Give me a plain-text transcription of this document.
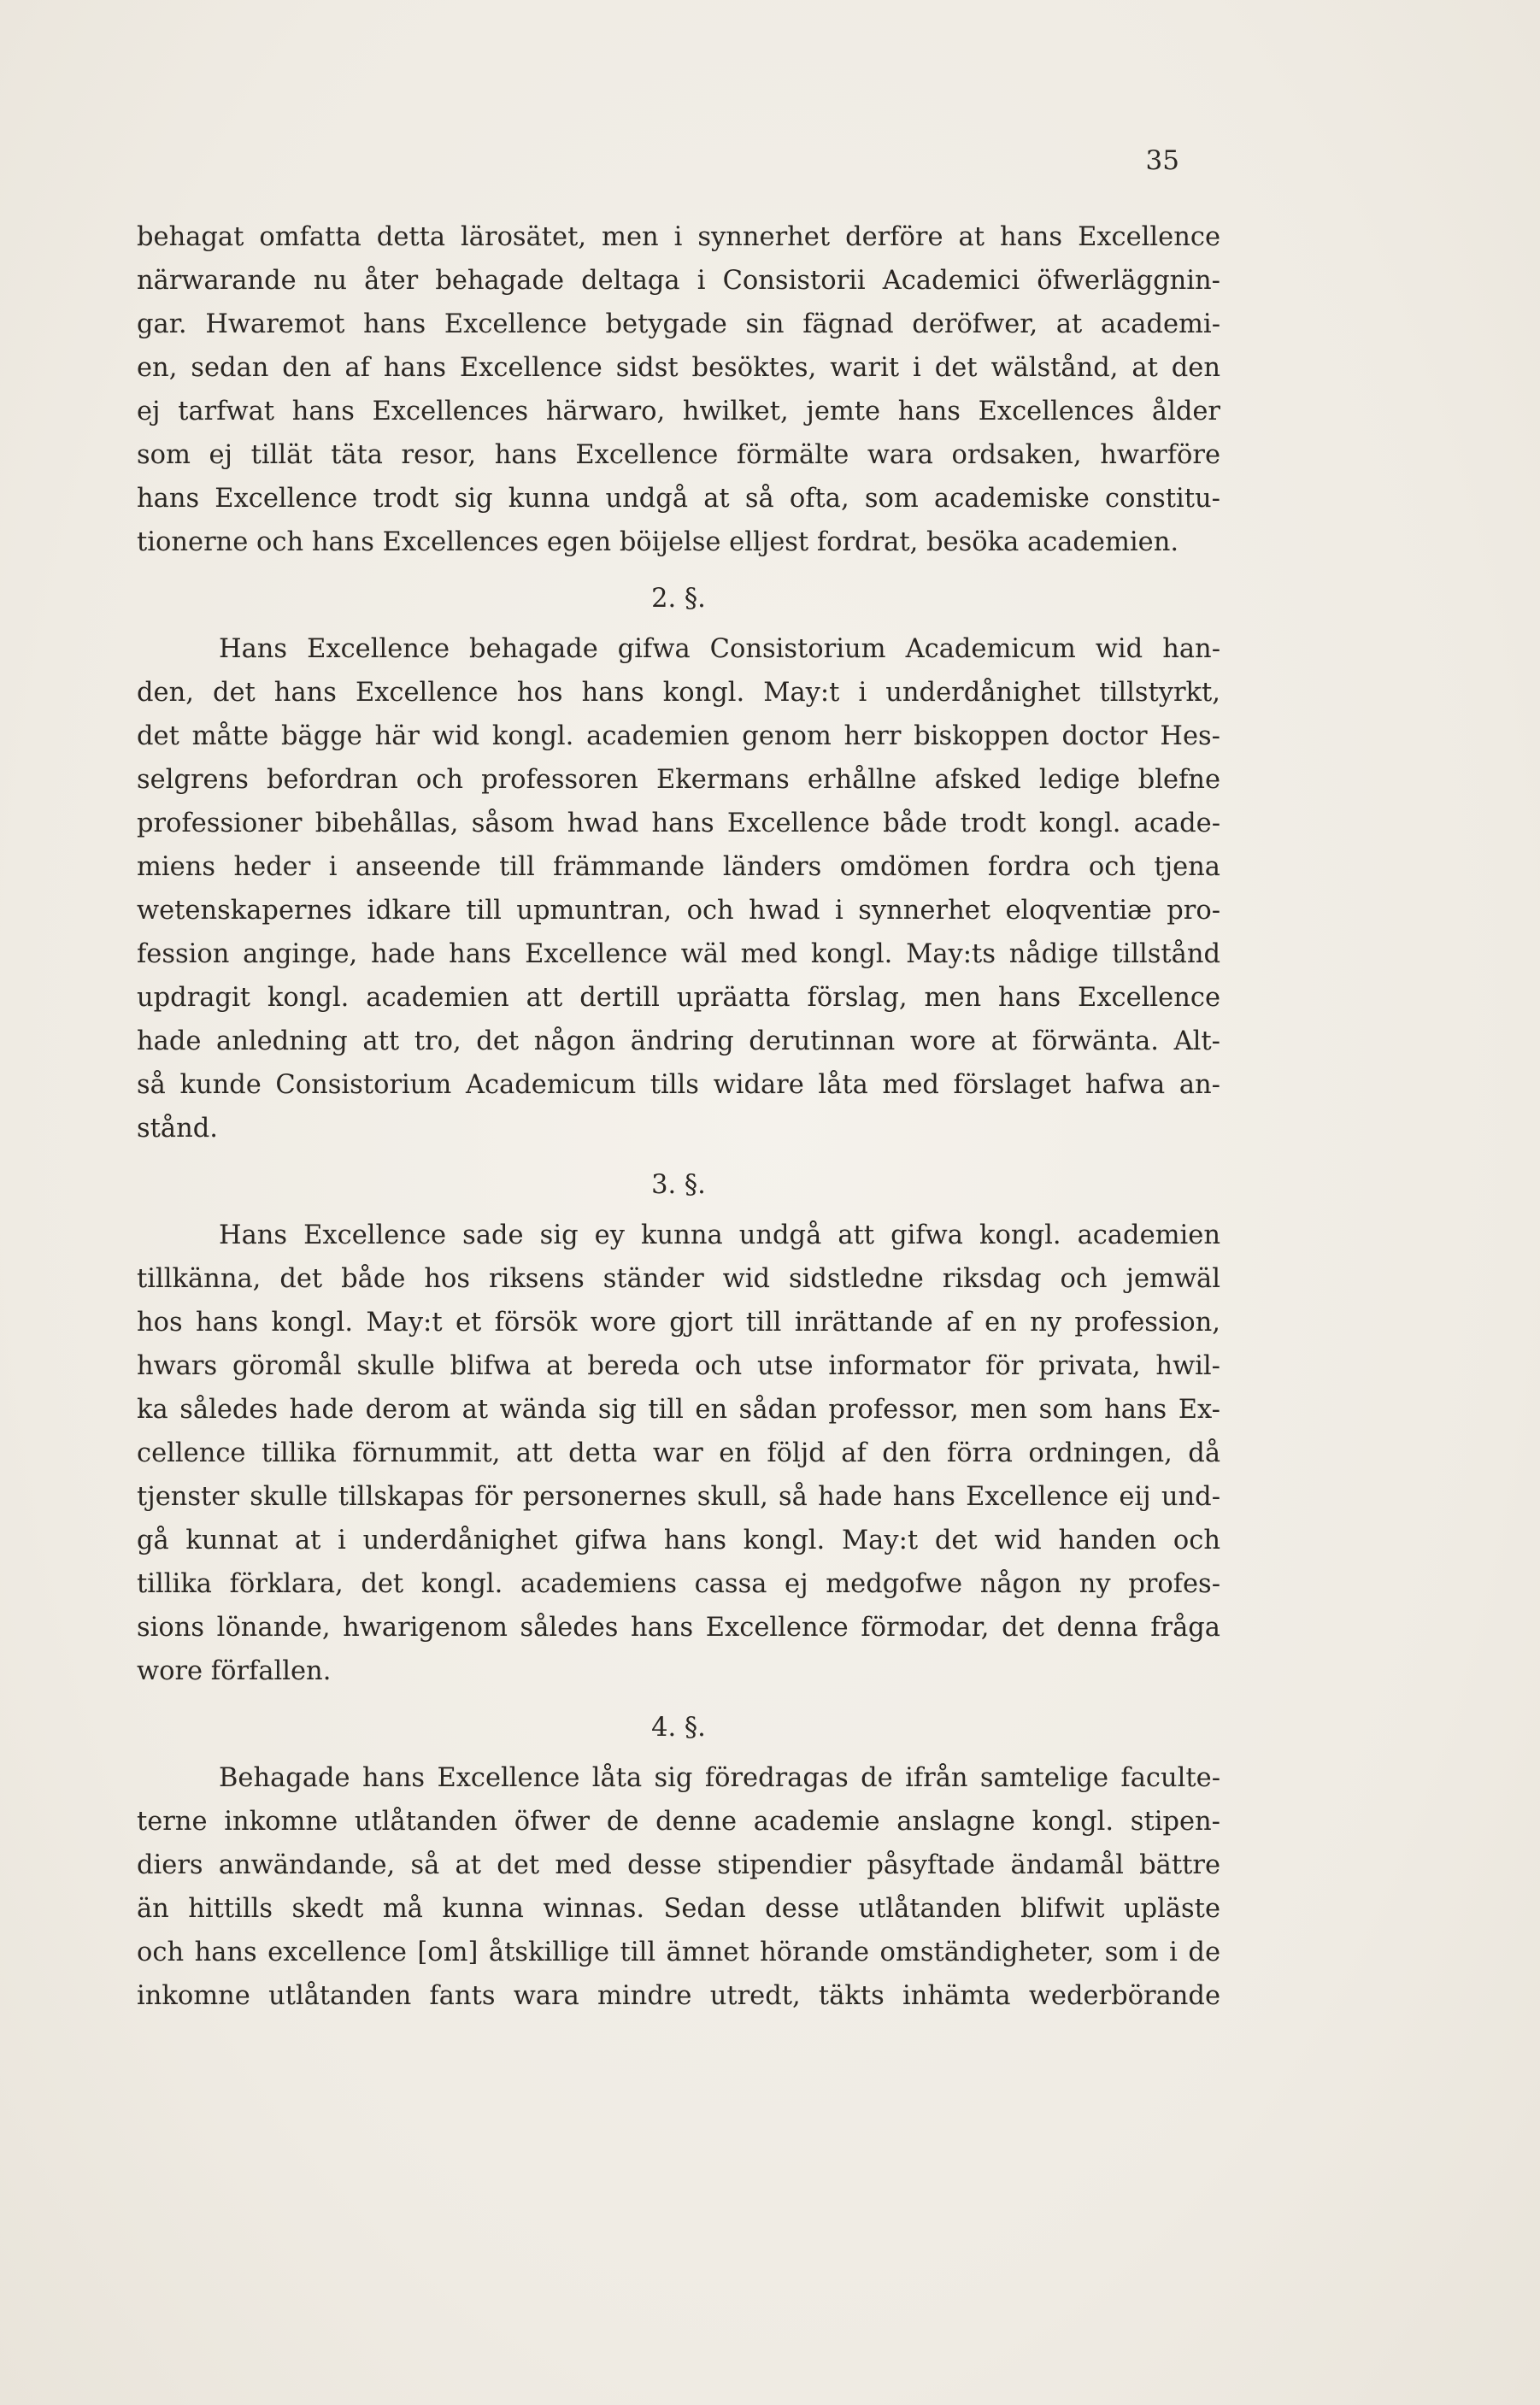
35
behagat omfatta detta lärosätet, men i synnerhet derföre at hans Excellence
närwarande nu åter behagade deltaga i Consistorii Academici öfwerläggnin-
gar. Hwaremot hans Excellence betygade sin fägnad deröfwer, at academi-
en, sedan den af hans Excellence sidst besöktes, warit i det wälstånd, at den
ej tarfwat hans Excellences härwaro, hwilket, jemte hans Excellences ålder
som ej tillät täta resor, hans Excellence förmälte wara ordsaken, hwarföre
hans Excellence trodt sig kunna undgå at så ofta, som academiske constitu-
tionerne och hans Excellences egen böijelse elljest fordrat, besöka academien.
2. §.
Hans Excellence behagade gifwa Consistorium Academicum wid han-
den, det hans Excellence hos hans kongl. May:t i underdånighet tillstyrkt,
det måtte bägge här wid kongl. academien genom herr biskoppen doctor Hes-
selgrens befordran och professoren Ekermans erhållne afsked ledige blefne
professioner bibehållas, såsom hwad hans Excellence både trodt kongl. acade-
miens heder i anseende till främmande länders omdömen fordra och tjena
wetenskapernes idkare till upmuntran, och hwad i synnerhet eloqventiæ pro-
fession anginge, hade hans Excellence wäl med kongl. May:ts nådige tillstånd
updragit kongl. academien att dertill upräatta förslag, men hans Excellence
hade anledning att tro, det någon ändring derutinnan wore at förwänta. Alt-
så kunde Consistorium Academicum tills widare låta med förslaget hafwa an-
stånd.
3. §.
Hans Excellence sade sig ey kunna undgå att gifwa kongl. academien
tillkänna, det både hos riksens ständer wid sidstledne riksdag och jemwäl
hos hans kongl. May:t et försök wore gjort till inrättande af en ny profession,
hwars göromål skulle blifwa at bereda och utse informator för privata, hwil-
ka således hade derom at wända sig till en sådan professor, men som hans Ex-
cellence tillika förnummit, att detta war en följd af den förra ordningen, då
tjenster skulle tillskapas för personernes skull, så hade hans Excellence eij und-
gå kunnat at i underdånighet gifwa hans kongl. May:t det wid handen och
tillika förklara, det kongl. academiens cassa ej medgofwe någon ny profes-
sions lönande, hwarigenom således hans Excellence förmodar, det denna fråga
wore förfallen.
4. §.
Behagade hans Excellence låta sig föredragas de ifrån samtelige faculte-
terne inkomne utlåtanden öfwer de denne academie anslagne kongl. stipen-
diers anwändande, så at det med desse stipendier påsyftade ändamål bättre
än hittills skedt må kunna winnas. Sedan desse utlåtanden blifwit upläste
och hans excellence [om] åtskillige till ämnet hörande omständigheter, som i de
inkomne utlåtanden fants wara mindre utredt, täkts inhämta wederbörande
